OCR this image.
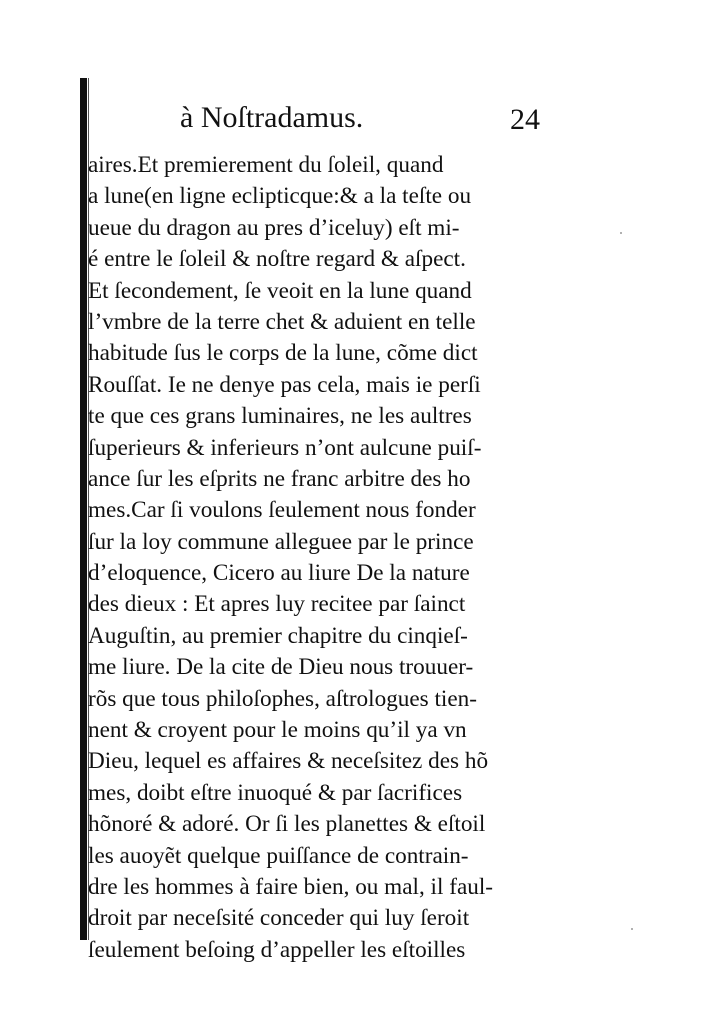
à Noſtradamus.	24
aires.Et premierement du ſoleil, quand
a lune(en ligne eclipticque:& a la teſte ou
ueue du dragon au pres d’iceluy) eſt mi-
é entre le ſoleil & noſtre regard & aſpect.
Et ſecondement, ſe veoit en la lune quand
l’vmbre de la terre chet & aduient en telle
habitude ſus le corps de la lune, cõme dict
Rouſſat. Ie ne denye pas cela, mais ie perſi
te que ces grans luminaires, ne les aultres
ſuperieurs & inferieurs n’ont aulcune puiſ-
ance ſur les eſprits ne franc arbitre des ho
mes.Car ſi voulons ſeulement nous fonder
ſur la loy commune alleguee par le prince
d’eloquence, Cicero au liure De la nature
des dieux : Et apres luy recitee par ſainct
Auguſtin, au premier chapitre du cinqieſ-
me liure. De la cite de Dieu nous trouuer-
rõs que tous philoſophes, aſtrologues tien-
nent & croyent pour le moins qu’il ya vn
Dieu, lequel es affaires & neceſsitez des hõ
mes, doibt eſtre inuoqué & par ſacrifices
hõnoré & adoré. Or ſi les planettes & eſtoil
les auoyẽt quelque puiſſance de contrain-
dre les hommes à faire bien, ou mal, il faul-
droit par neceſsité conceder qui luy ſeroit
ſeulement beſoing d’appeller les eſtoilles
